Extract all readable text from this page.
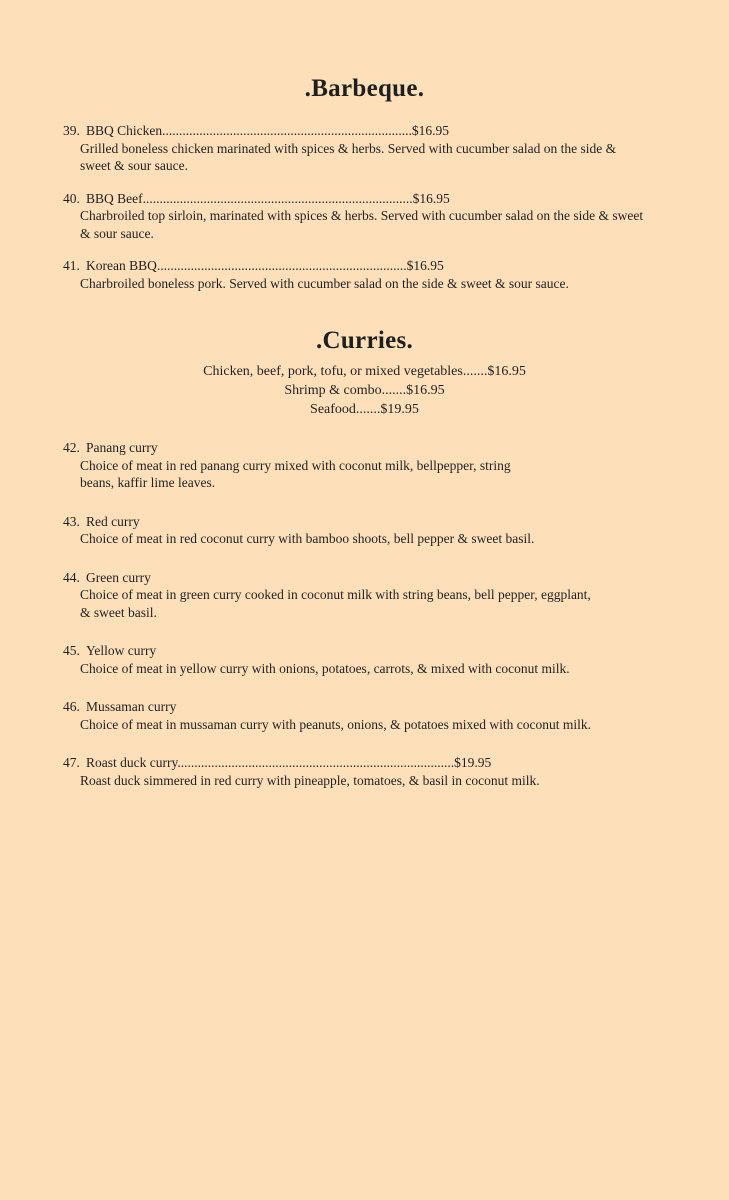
.Barbeque.
39. BBQ Chicken..........................................................................$16.95
Grilled boneless chicken marinated with spices & herbs. Served with cucumber salad on the side &
sweet & sour sauce.
40. BBQ Beef................................................................................$16.95
Charbroiled top sirloin, marinated with spices & herbs. Served with cucumber salad on the side & sweet
& sour sauce.
41. Korean BBQ..........................................................................$16.95
Charbroiled boneless pork. Served with cucumber salad on the side & sweet & sour sauce.
.Curries.
Chicken, beef, pork, tofu, or mixed vegetables.......$16.95
Shrimp & combo.......$16.95
Seafood.......$19.95
42. Panang curry
Choice of meat in red panang curry mixed with coconut milk, bellpepper, string
beans, kaffir lime leaves.
43. Red curry
Choice of meat in red coconut curry with bamboo shoots, bell pepper & sweet basil.
44. Green curry
Choice of meat in green curry cooked in coconut milk with string beans, bell pepper, eggplant,
& sweet basil.
45. Yellow curry
Choice of meat in yellow curry with onions, potatoes, carrots, & mixed with coconut milk.
46. Mussaman curry
Choice of meat in mussaman curry with peanuts, onions, & potatoes mixed with coconut milk.
47. Roast duck curry..................................................................................$19.95
Roast duck simmered in red curry with pineapple, tomatoes, & basil in coconut milk.
